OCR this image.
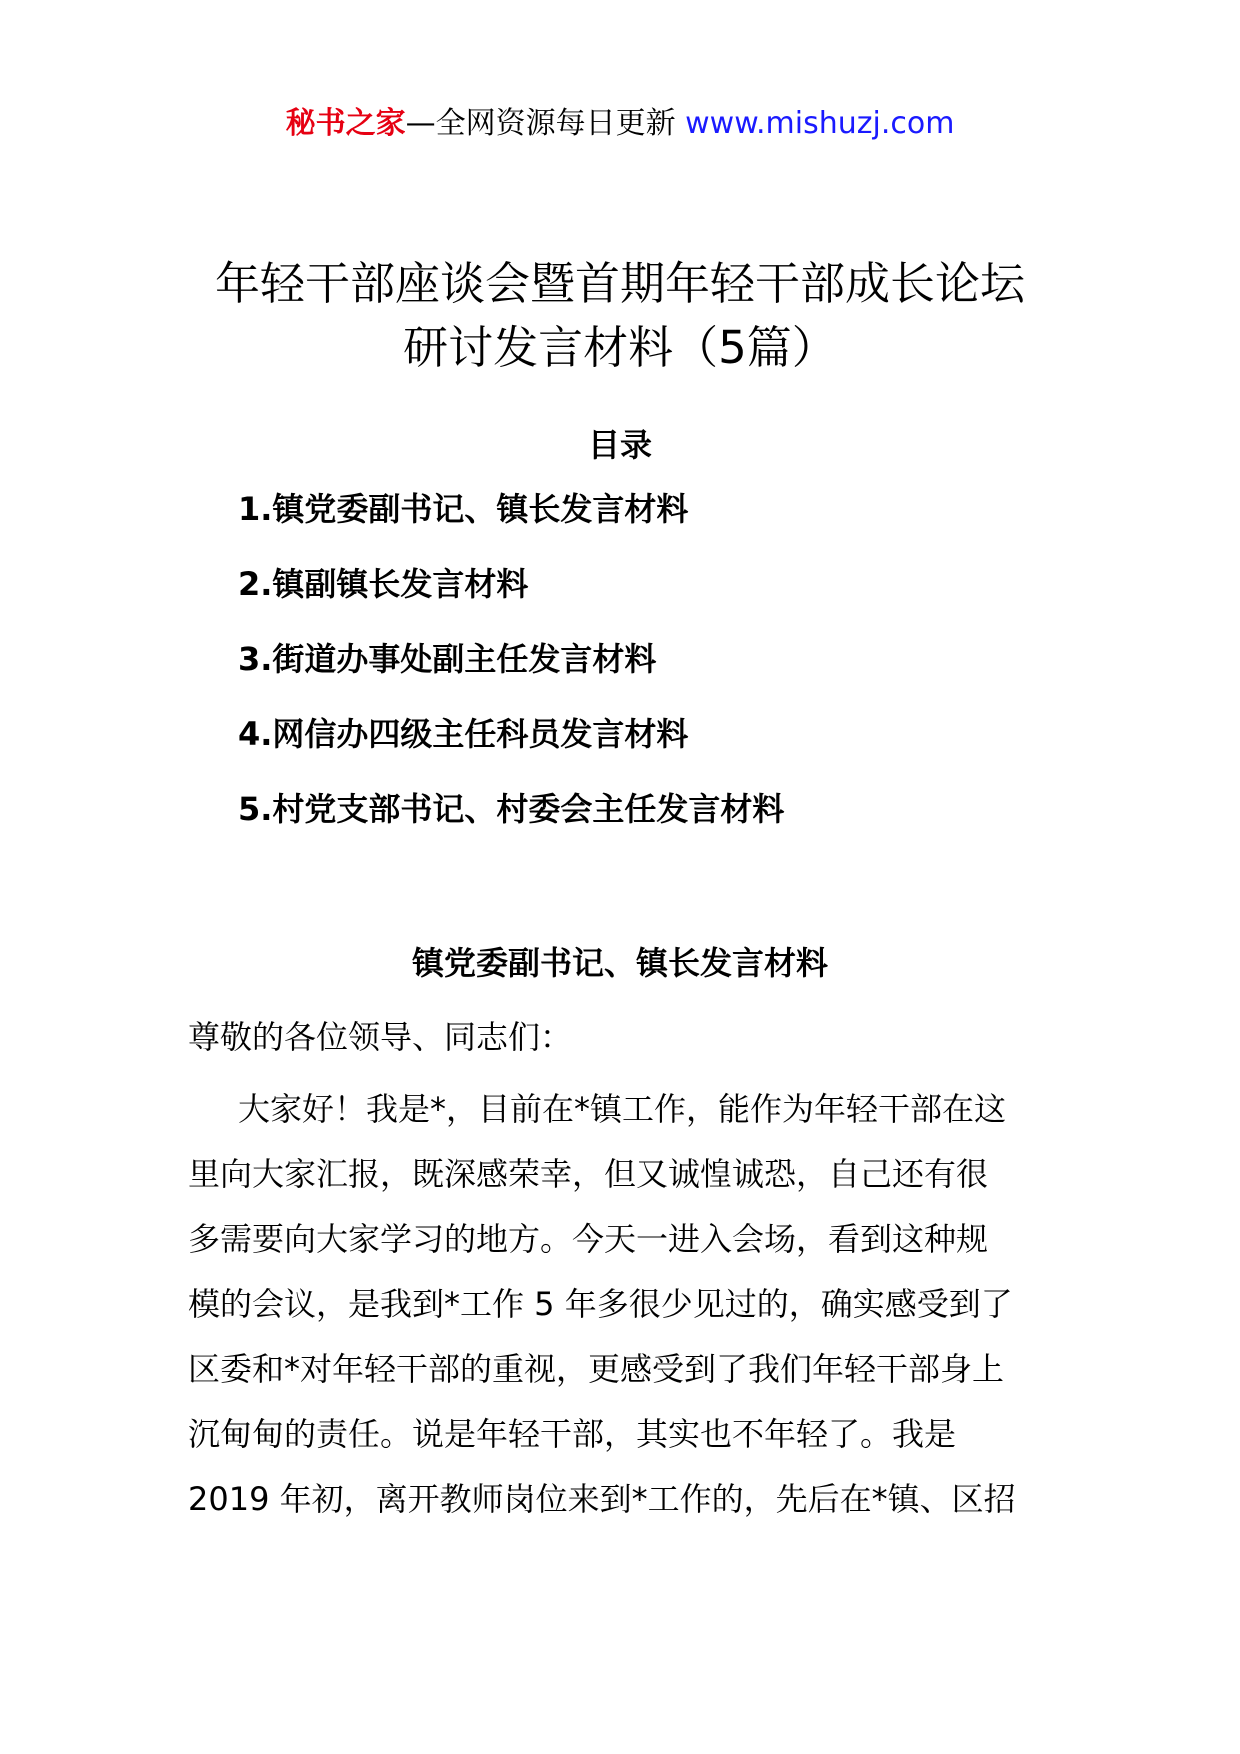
秘书之家—全网资源每日更新 www.mishuzj.com
年轻干部座谈会暨首期年轻干部成长论坛
研讨发言材料（5篇）
目录
1.镇党委副书记、镇长发言材料
2.镇副镇长发言材料
3.街道办事处副主任发言材料
4.网信办四级主任科员发言材料
5.村党支部书记、村委会主任发言材料
镇党委副书记、镇长发言材料
尊敬的各位领导、同志们：
大家好！我是*，目前在*镇工作，能作为年轻干部在这
里向大家汇报，既深感荣幸，但又诚惶诚恐，自己还有很
多需要向大家学习的地方。今天一进入会场，看到这种规
模的会议，是我到*工作 5 年多很少见过的，确实感受到了
区委和*对年轻干部的重视，更感受到了我们年轻干部身上
沉甸甸的责任。说是年轻干部，其实也不年轻了。我是
2019 年初，离开教师岗位来到*工作的，先后在*镇、区招
